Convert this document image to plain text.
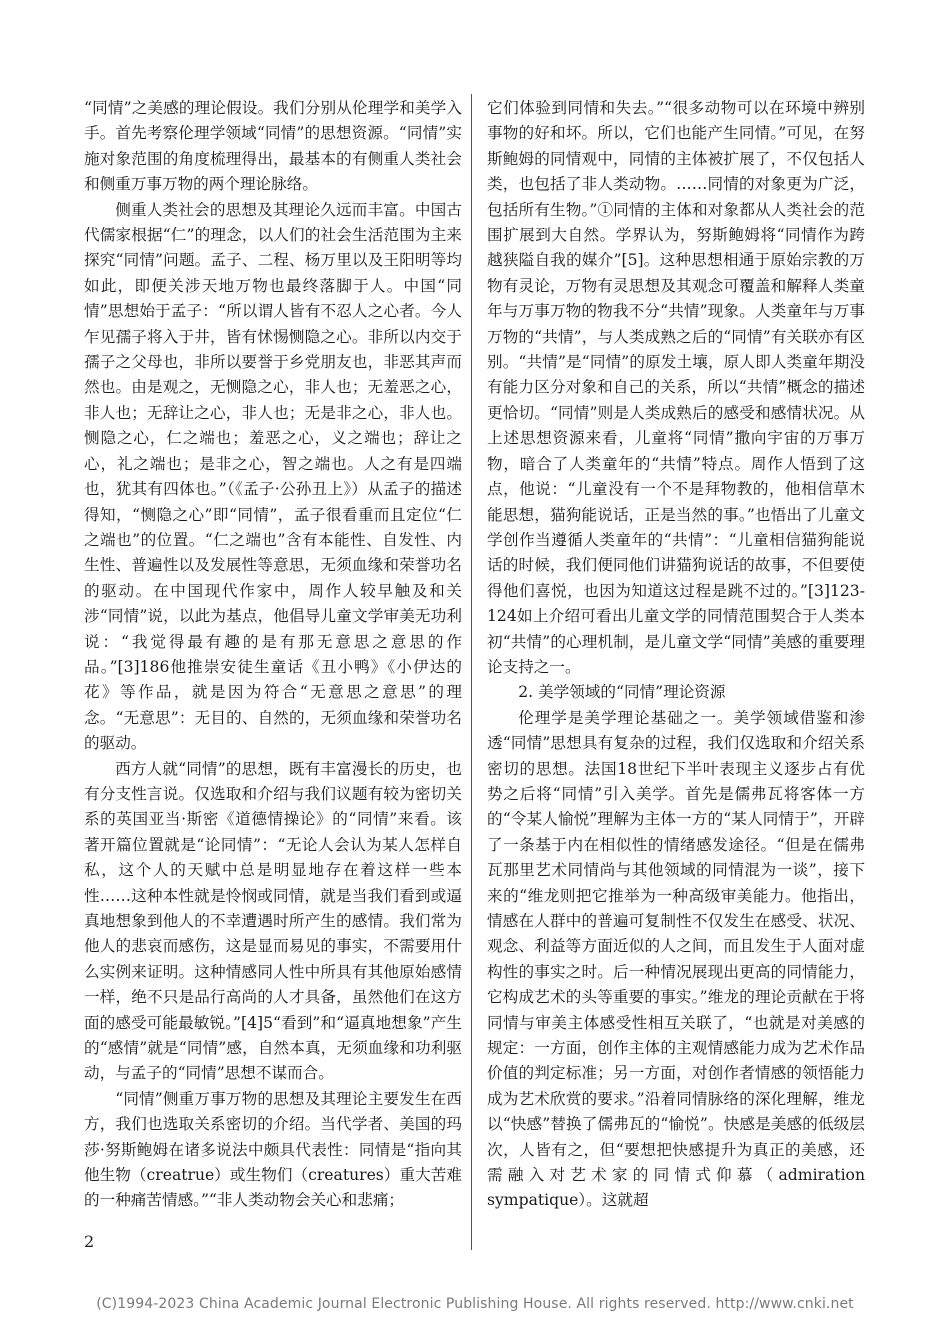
“同情”之美感的理论假设。我们分别从伦理学和美学入手。首先考察伦理学领域“同情”的思想资源。“同情”实施对象范围的角度梳理得出，最基本的有侧重人类社会和侧重万事万物的两个理论脉络。

侧重人类社会的思想及其理论久远而丰富。中国古代儒家根据“仁”的理念，以人们的社会生活范围为主来探究“同情”问题。孟子、二程、杨万里以及王阳明等均如此，即便关涉天地万物也最终落脚于人。中国“同情”思想始于孟子：“所以谓人皆有不忍人之心者。今人乍见孺子将入于井，皆有怵惕恻隐之心。非所以内交于孺子之父母也，非所以要誉于乡党朋友也，非恶其声而然也。由是观之，无恻隐之心，非人也；无羞恶之心，非人也；无辞让之心，非人也；无是非之心，非人也。恻隐之心，仁之端也；羞恶之心，义之端也；辞让之心，礼之端也；是非之心，智之端也。人之有是四端也，犹其有四体也。”（《孟子·公孙丑上》）从孟子的描述得知，“恻隐之心”即“同情”，孟子很看重而且定位“仁之端也”的位置。“仁之端也”含有本能性、自发性、内生性、普遍性以及发展性等意思，无须血缘和荣誉功名的驱动。在中国现代作家中，周作人较早触及和关涉“同情”说，以此为基点，他倡导儿童文学审美无功利说：“我觉得最有趣的是有那无意思之意思的作品。”[3]186他推崇安徒生童话《丑小鸭》《小伊达的花》等作品，就是因为符合“无意思之意思”的理念。“无意思”：无目的、自然的，无须血缘和荣誉功名的驱动。

西方人就“同情”的思想，既有丰富漫长的历史，也有分支性言说。仅选取和介绍与我们议题有较为密切关系的英国亚当·斯密《道德情操论》的“同情”来看。该著开篇位置就是“论同情”：“无论人会认为某人怎样自私，这个人的天赋中总是明显地存在着这样一些本性……这种本性就是怜悯或同情，就是当我们看到或逼真地想象到他人的不幸遭遇时所产生的感情。我们常为他人的悲哀而感伤，这是显而易见的事实，不需要用什么实例来证明。这种情感同人性中所具有其他原始感情一样，绝不只是品行高尚的人才具备，虽然他们在这方面的感受可能最敏锐。”[4]5“看到”和“逼真地想象”产生的“感情”就是“同情”感，自然本真，无须血缘和功利驱动，与孟子的“同情”思想不谋而合。

“同情”侧重万事万物的思想及其理论主要发生在西方，我们也选取关系密切的介绍。当代学者、美国的玛莎·努斯鲍姆在诸多说法中颇具代表性：同情是“指向其他生物（creatrue）或生物们（creatures）重大苦难的一种痛苦情感。”“非人类动物会关心和悲痛；

它们体验到同情和失去。”“很多动物可以在环境中辨别事物的好和坏。所以，它们也能产生同情。”可见，在努斯鲍姆的同情观中，同情的主体被扩展了，不仅包括人类，也包括了非人类动物。……同情的对象更为广泛，包括所有生物。”①同情的主体和对象都从人类社会的范围扩展到大自然。学界认为，努斯鲍姆将“同情作为跨越狭隘自我的媒介”[5]。这种思想相通于原始宗教的万物有灵论，万物有灵思想及其观念可覆盖和解释人类童年与万事万物的物我不分“共情”现象。人类童年与万事万物的“共情”，与人类成熟之后的“同情”有关联亦有区别。“共情”是“同情”的原发土壤，原人即人类童年期没有能力区分对象和自己的关系，所以“共情”概念的描述更恰切。“同情”则是人类成熟后的感受和感情状况。从上述思想资源来看，儿童将“同情”撒向宇宙的万事万物，暗合了人类童年的“共情”特点。周作人悟到了这点，他说：“儿童没有一个不是拜物教的，他相信草木能思想，猫狗能说话，正是当然的事。”也悟出了儿童文学创作当遵循人类童年的“共情”：“儿童相信猫狗能说话的时候，我们便同他们讲猫狗说话的故事，不但要使得他们喜悦，也因为知道这过程是跳不过的。”[3]123-124如上介绍可看出儿童文学的同情范围契合于人类本初“共情”的心理机制，是儿童文学“同情”美感的重要理论支持之一。

2. 美学领域的“同情”理论资源

伦理学是美学理论基础之一。美学领域借鉴和渗透“同情”思想具有复杂的过程，我们仅选取和介绍关系密切的思想。法国18世纪下半叶表现主义逐步占有优势之后将“同情”引入美学。首先是儒弗瓦将客体一方的“令某人愉悦”理解为主体一方的“某人同情于”，开辟了一条基于内在相似性的情绪感发途径。“但是在儒弗瓦那里艺术同情尚与其他领域的同情混为一谈”，接下来的“维龙则把它推举为一种高级审美能力。他指出，情感在人群中的普遍可复制性不仅发生在感受、状况、观念、利益等方面近似的人之间，而且发生于人面对虚构性的事实之时。后一种情况展现出更高的同情能力，它构成艺术的头等重要的事实。”维龙的理论贡献在于将同情与审美主体感受性相互关联了，“也就是对美感的规定：一方面，创作主体的主观情感能力成为艺术作品价值的判定标准；另一方面，对创作者情感的领悟能力成为艺术欣赏的要求。”沿着同情脉络的深化理解，维龙以“快感”替换了儒弗瓦的“愉悦”。快感是美感的低级层次，人皆有之，但“要想把快感提升为真正的美感，还需融入对艺术家的同情式仰慕（admiration sympatique）。这就超

2
(C)1994-2023 China Academic Journal Electronic Publishing House. All rights reserved. http://www.cnki.net
